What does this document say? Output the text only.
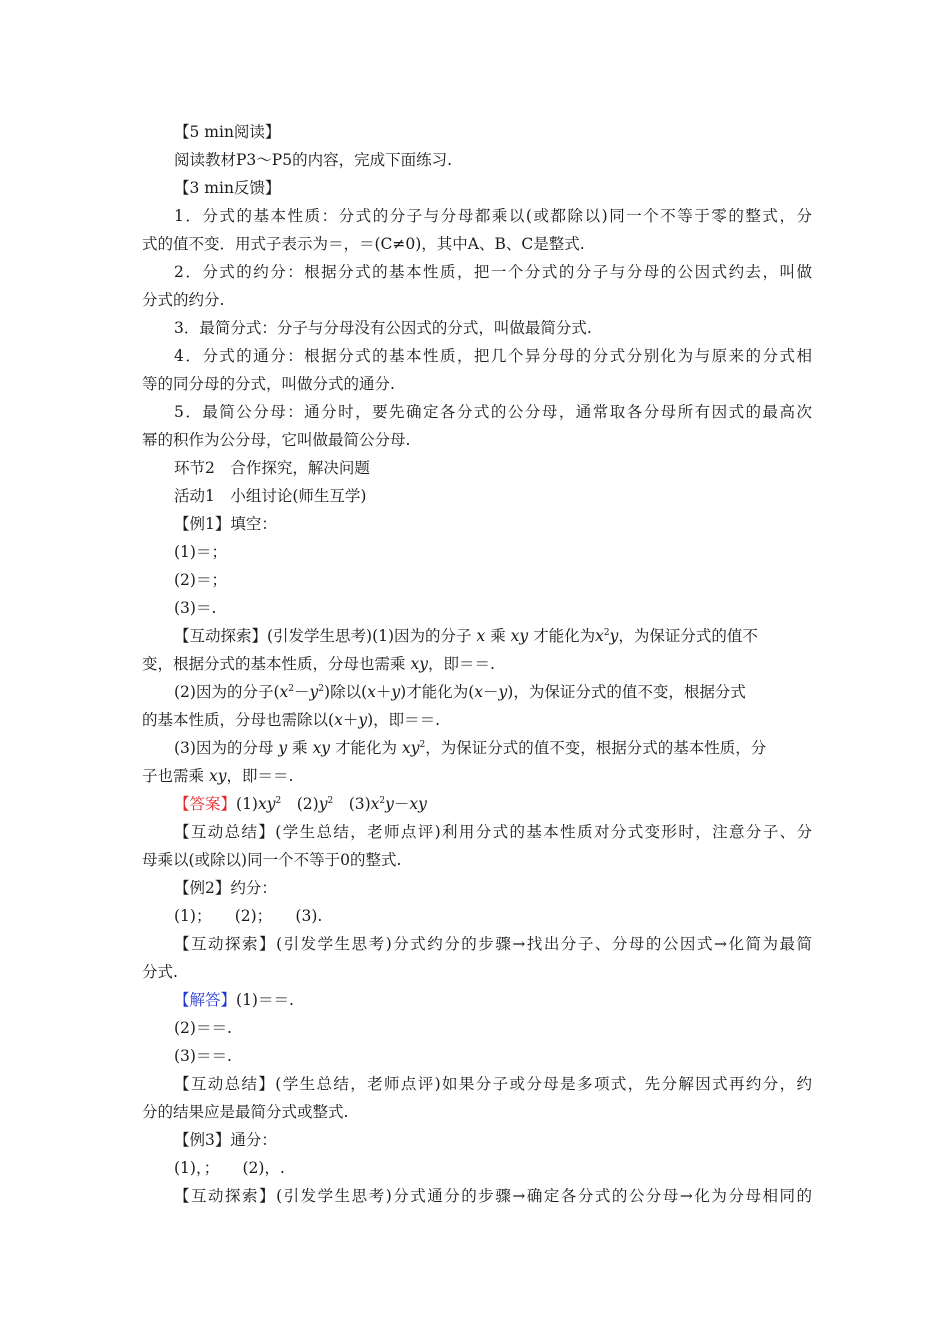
【5 min阅读】
阅读教材P3～P5的内容，完成下面练习.
【3 min反馈】
1．分式的基本性质：分式的分子与分母都乘以(或都除以)同一个不等于零的整式，分
式的值不变．用式子表示为＝，＝(C≠0)，其中A、B、C是整式.
2．分式的约分：根据分式的基本性质，把一个分式的分子与分母的公因式约去，叫做
分式的约分.
3．最简分式：分子与分母没有公因式的分式，叫做最简分式.
4．分式的通分：根据分式的基本性质，把几个异分母的分式分别化为与原来的分式相
等的同分母的分式，叫做分式的通分.
5．最简公分母：通分时，要先确定各分式的公分母，通常取各分母所有因式的最高次
幂的积作为公分母，它叫做最简公分母.
环节2　合作探究，解决问题
活动1　小组讨论(师生互学)
【例1】填空：
(1)＝；
(2)＝；
(3)＝.
【互动探索】(引发学生思考)(1)因为的分子 x 乘 xy 才能化为$x^2y$，为保证分式的值不
变，根据分式的基本性质，分母也需乘 xy，即＝＝.
(2)因为的分子$(x^2-y^2)$除以(x＋y)才能化为(x－y)，为保证分式的值不变，根据分式
的基本性质，分母也需除以(x＋y)，即＝＝.
(3)因为的分母 y 乘 xy 才能化为 $xy^2$，为保证分式的值不变，根据分式的基本性质，分
子也需乘 xy，即＝＝.
【答案】$(1)xy^2$　$(2)y^2$　$(3)x^2y-xy$
【互动总结】(学生总结，老师点评)利用分式的基本性质对分式变形时，注意分子、分
母乘以(或除以)同一个不等于0的整式.
【例2】约分：
(1)；　　(2)；　　(3).
【互动探索】(引发学生思考)分式约分的步骤→找出分子、分母的公因式→化简为最简
分式.
【解答】(1)＝＝.
(2)＝＝.
(3)＝＝.
【互动总结】(学生总结，老师点评)如果分子或分母是多项式，先分解因式再约分，约
分的结果应是最简分式或整式.
【例3】通分：
(1)，；　　(2)，.
【互动探索】(引发学生思考)分式通分的步骤→确定各分式的公分母→化为分母相同的
